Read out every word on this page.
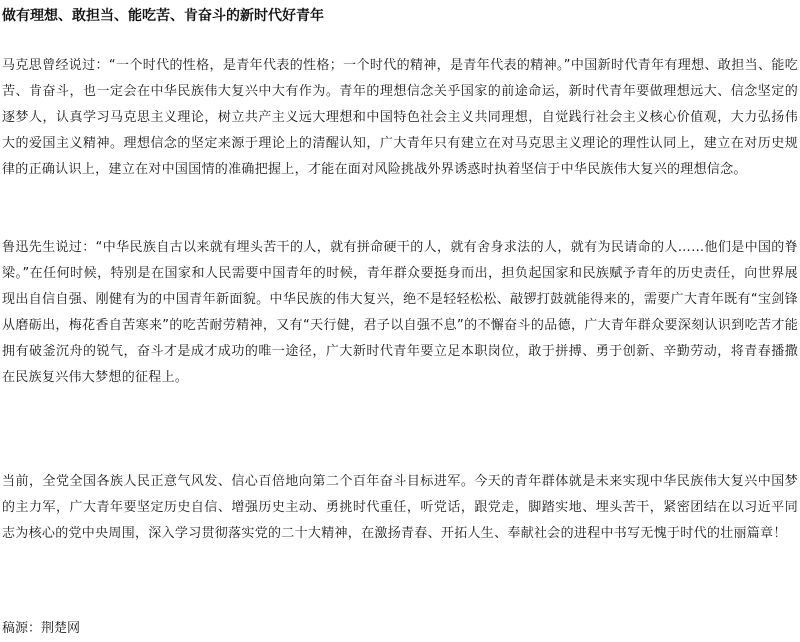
做有理想、敢担当、能吃苦、肯奋斗的新时代好青年

马克思曾经说过：“一个时代的性格，是青年代表的性格；一个时代的精神，是青年代表的精神。”中国新时代青年有理想、敢担当、能吃苦、肯奋斗，也一定会在中华民族伟大复兴中大有作为。青年的理想信念关乎国家的前途命运，新时代青年要做理想远大、信念坚定的逐梦人，认真学习马克思主义理论，树立共产主义远大理想和中国特色社会主义共同理想，自觉践行社会主义核心价值观，大力弘扬伟大的爱国主义精神。理想信念的坚定来源于理论上的清醒认知，广大青年只有建立在对马克思主义理论的理性认同上，建立在对历史规律的正确认识上，建立在对中国国情的准确把握上，才能在面对风险挑战外界诱惑时执着坚信于中华民族伟大复兴的理想信念。

鲁迅先生说过：“中华民族自古以来就有埋头苦干的人，就有拼命硬干的人，就有舍身求法的人，就有为民请命的人……他们是中国的脊梁。”在任何时候，特别是在国家和人民需要中国青年的时候，青年群众要挺身而出，担负起国家和民族赋予青年的历史责任，向世界展现出自信自强、刚健有为的中国青年新面貌。中华民族的伟大复兴，绝不是轻轻松松、敲锣打鼓就能得来的，需要广大青年既有“宝剑锋从磨砺出，梅花香自苦寒来”的吃苦耐劳精神，又有“天行健，君子以自强不息”的不懈奋斗的品德，广大青年群众要深刻认识到吃苦才能拥有破釜沉舟的锐气，奋斗才是成才成功的唯一途径，广大新时代青年要立足本职岗位，敢于拼搏、勇于创新、辛勤劳动，将青春播撒在民族复兴伟大梦想的征程上。

当前，全党全国各族人民正意气风发、信心百倍地向第二个百年奋斗目标进军。今天的青年群体就是未来实现中华民族伟大复兴中国梦的主力军，广大青年要坚定历史自信、增强历史主动、勇挑时代重任，听党话，跟党走，脚踏实地、埋头苦干，紧密团结在以习近平同志为核心的党中央周围，深入学习贯彻落实党的二十大精神，在激扬青春、开拓人生、奉献社会的进程中书写无愧于时代的壮丽篇章！

稿源：荆楚网
